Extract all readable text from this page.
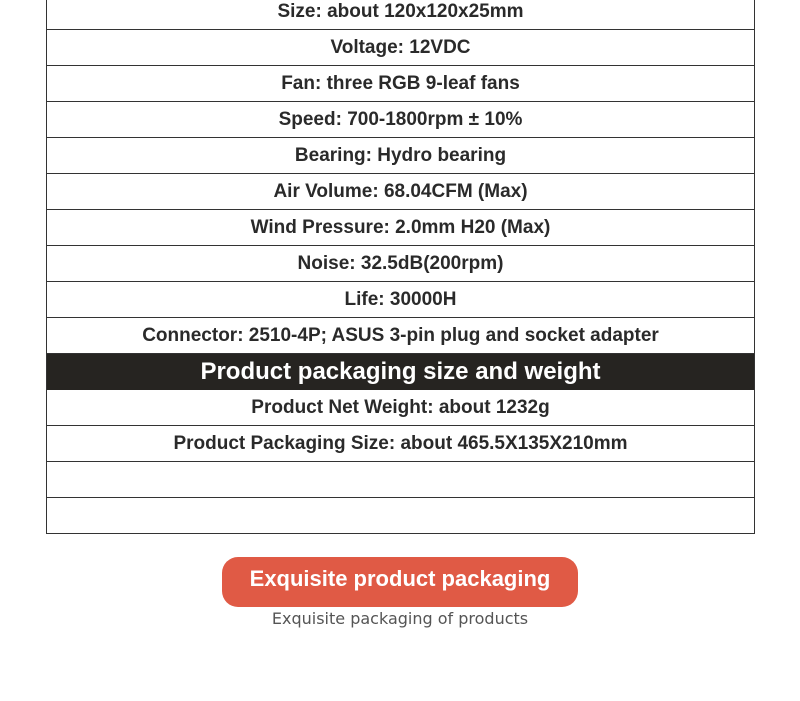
Size: about 120x120x25mm
Voltage: 12VDC
Fan: three RGB 9-leaf fans
Speed: 700-1800rpm ± 10%
Bearing: Hydro bearing
Air Volume: 68.04CFM (Max)
Wind Pressure: 2.0mm H20 (Max)
Noise: 32.5dB(200rpm)
Life: 30000H
Connector: 2510-4P; ASUS 3-pin plug and socket adapter
Product packaging size and weight
Product Net Weight: about 1232g
Product Packaging Size: about 465.5X135X210mm
Exquisite product packaging
Exquisite packaging of products
